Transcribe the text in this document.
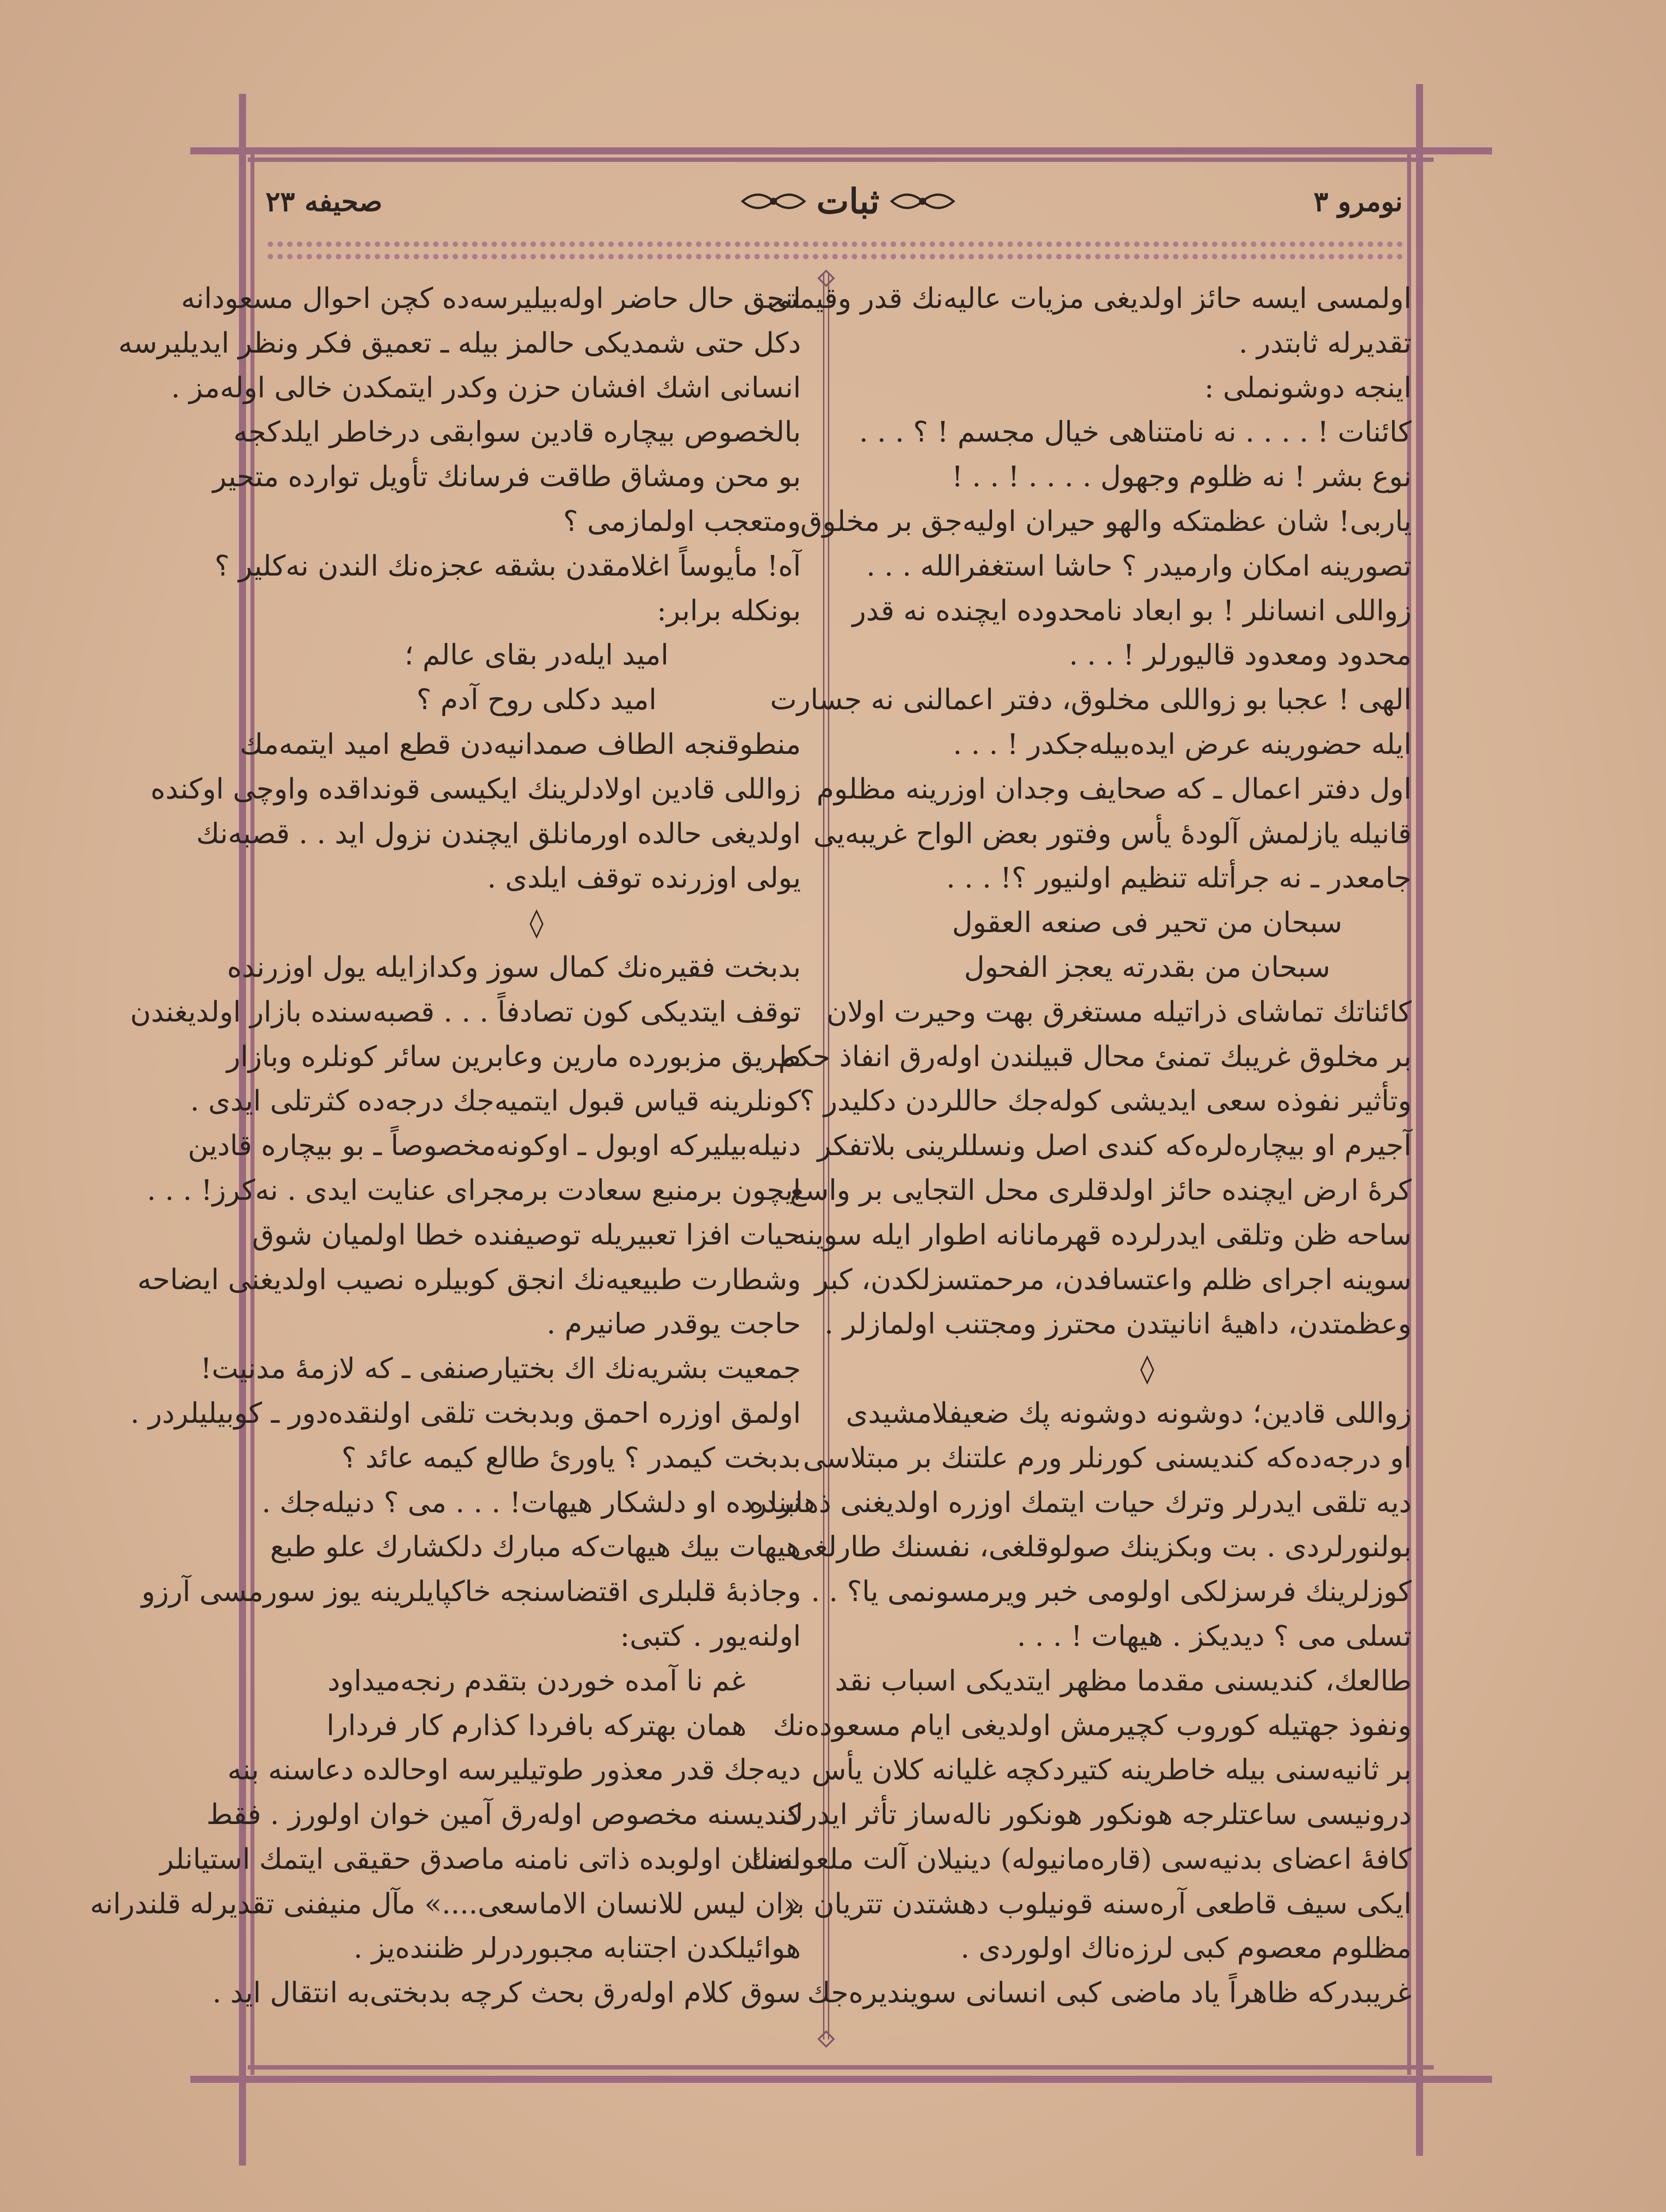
نومرو ٣
ثبات
صحیفه ٢٣
اولمسی ایسه حائز اولدیغی مزیات عالیه‌نك قدر وقیمتی
تقدیرله ثابتدر .
اینجه دوشونملی :
کائنات ! . . . . نه نامتناهی خیال مجسم ! ؟ . . .
نوع بشر ! نه ظلوم وجهول . . . . ! . . !
یاربی! شان عظمتکه والهو حیران اولیه‌جق بر مخلوق
تصورینه امکان وارمیدر ؟ حاشا استغفرالله . . .
زواللی انسانلر ! بو ابعاد نامحدوده ایچنده نه قدر
محدود ومعدود قالیورلر ! . . .
الهی ! عجبا بو زواللی مخلوق، دفتر اعمالنی نه جسارت
ایله حضورینه عرض ایده‌بیله‌جکدر ! . . .
اول دفتر اعمال ـ که صحایف وجدان اوزرینه مظلوم
قانیله یازلمش آلودهٔ یأس وفتور بعض الواح غریبه‌یی
جامعدر ـ نه جرأتله تنظیم اولنیور ؟! . . .
سبحان من تحیر فی صنعه العقول
سبحان من بقدرته یعجز الفحول
کائناتك تماشای ذراتیله مستغرق بهت وحیرت اولان
بر مخلوق غریبك تمنیٔ محال قبیلندن اوله‌رق انفاذ حکم
وتأثیر نفوذه سعی ایدیشی کوله‌جك حاللردن دکلیدر ؟
آجیرم او بیچاره‌لره‌که کندی اصل ونسللرینی بلاتفکر
کرهٔ ارض ایچنده حائز اولدقلری محل التجایی بر واسع
ساحه ظن وتلقی ایدرلرده قهرمانانه اطوار ایله سوینه
سوینه اجرای ظلم واعتسافدن، مرحمتسزلکدن، کبر
وعظمتدن، داهیهٔ انانیتدن محترز ومجتنب اولمازلر .
◊
زواللی قادین؛ دوشونه دوشونه پك ضعیفلامشیدی
او درجه‌ده‌که کندیسنی کورنلر ورم علتنك بر مبتلاسی
دیه تلقی ایدرلر وترك حیات ایتمك اوزره اولدیغنی ذهابنده
بولنورلردی . بت وبکزینك صولوقلغی، نفسنك طارلغی
کوزلرینك فرسزلکی اولومی خبر ویرمسونمی یا؟ . . .
تسلی می ؟ دیدیکز . هیهات ! . . .
طالعك، کندیسنی مقدما مظهر ایتدیکی اسباب نقد
ونفوذ جهتیله کوروب کچیرمش اولدیغی ایام مسعوده‌نك
بر ثانیه‌سنی بیله خاطرینه کتیردکچه غلیانه کلان یأس
درونیسی ساعتلرجه هونکور هونکور ناله‌ساز تأثر ایدرك
کافهٔ اعضای بدنیه‌سی (قاره‌مانیوله) دینیلان آلت ملعونه‌نك
ایکی سیف قاطعی آره‌سنه قونیلوب دهشتدن تتریان بر
مظلوم معصوم کبی لرزه‌ناك اولوردی .
غریبدرکه ظاهراً یاد ماضی کبی انسانی سویندیره‌جك
انجق حال حاضر اوله‌بیلیرسه‌ده کچن احوال مسعودانه
دکل حتی شمدیکی حالمز بیله ـ تعمیق فکر ونظر ایدیلیرسه
انسانی اشك افشان حزن وکدر ایتمکدن خالی اوله‌مز .
بالخصوص بیچاره قادین سوابقی درخاطر ایلدکجه
بو محن ومشاق طاقت فرسانك تأویل توارده متحیر
ومتعجب اولمازمی ؟
آه! مأیوساً اغلامقدن بشقه عجزه‌نك الندن نه‌کلیر ؟
بونکله برابر:
امید ایله‌در بقای عالم ؛
امید دکلی روح آدم ؟
منطوقنجه الطاف صمدانیه‌دن قطع امید ایتمه‌مك
زواللی قادین اولادلرینك ایکیسی قونداقده واوچی اوکنده
اولدیغی حالده اورمانلق ایچندن نزول اید . . قصبه‌نك
یولی اوزرنده توقف ایلدی .
◊
بدبخت فقیره‌نك کمال سوز وکدازایله یول اوزرنده
توقف ایتدیکی کون تصادفاً . . . قصبه‌سنده بازار اولدیغندن
طریق مزبورده مارین وعابرین سائر کونلره وبازار
کونلرینه قیاس قبول ایتمیه‌جك درجه‌ده کثرتلی ایدی .
دنیله‌بیلیرکه اوبول ـ اوکونه‌مخصوصاً ـ بو بیچاره قادین
ایچون برمنبع سعادت برمجرای عنایت ایدی . نه‌کرز! . . .
حیات افزا تعبیریله توصیفنده خطا اولمیان شوق
وشطارت طبیعیه‌نك انجق کوبیلره نصیب اولدیغنی ایضاحه
حاجت یوقدر صانیرم .
جمعیت بشریه‌نك اك بختیارصنفی ـ که لازمهٔ مدنیت!
اولمق اوزره احمق وبدبخت تلقی اولنقده‌دور ـ کوبیلیلردر .
بدبخت کیمدر ؟ یاوریٔ طالع کیمه عائد ؟
نرلرده او دلشکار هیهات! . . . می ؟ دنیله‌جك .
هیهات بیك هیهات‌که مبارك دلکشارك علو طبع
وجاذبهٔ قلبلری اقتضاسنجه خاکپایلرینه یوز سورمسی آرزو
اولنه‌یور . کتبی:
غم نا آمده خوردن بتقدم رنجه‌میداود
همان بهترکه بافردا کذارم کار فردارا
دیه‌جك قدر معذور طوتیلیرسه اوحالده دعاسنه بنه
کندیسنه مخصوص اوله‌رق آمین خوان اولورز . فقط
انسان اولوبده ذاتی نامنه ماصدق حقیقی ایتمك استیانلر
«ان لیس للانسان الاماسعی....» مآل منیفنی تقدیرله قلندرانه
هوائیلکدن اجتنابه مجبوردرلر ظننده‌یز .
سوق کلام اوله‌رق بحث کرچه بدبختی‌به انتقال اید .
